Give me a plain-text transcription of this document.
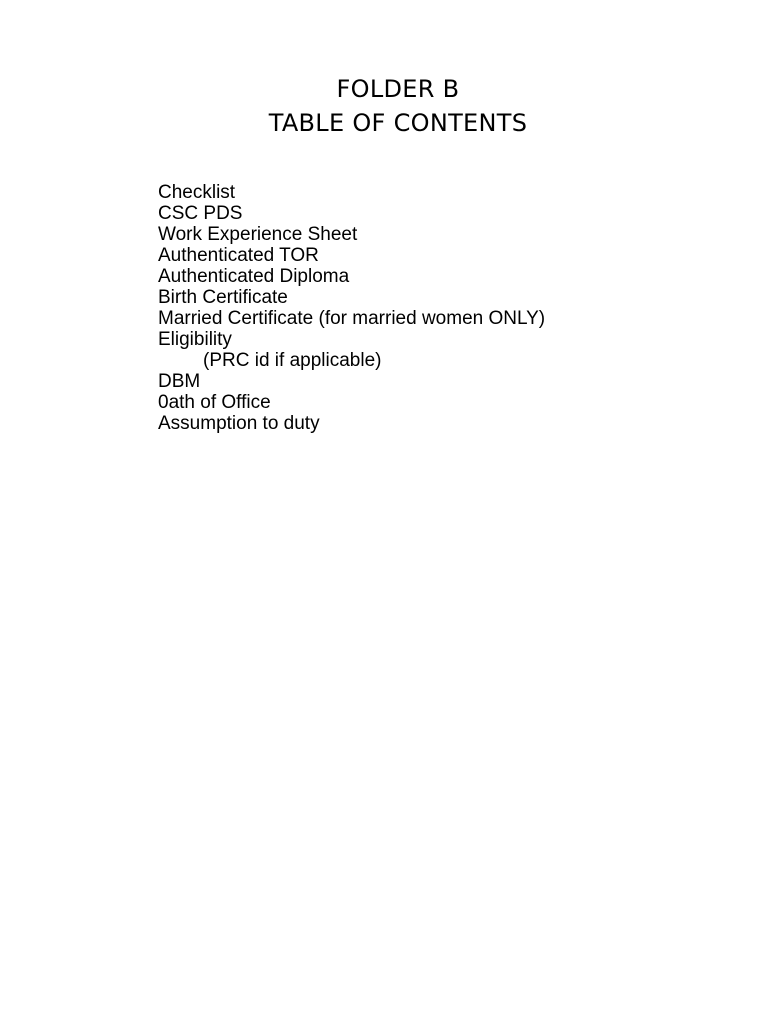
FOLDER B
TABLE OF CONTENTS
Checklist
CSC PDS
Work Experience Sheet
Authenticated TOR
Authenticated Diploma
Birth Certificate
Married Certificate (for married women ONLY)
Eligibility
(PRC id if applicable)
DBM
0ath of Office
Assumption to duty
